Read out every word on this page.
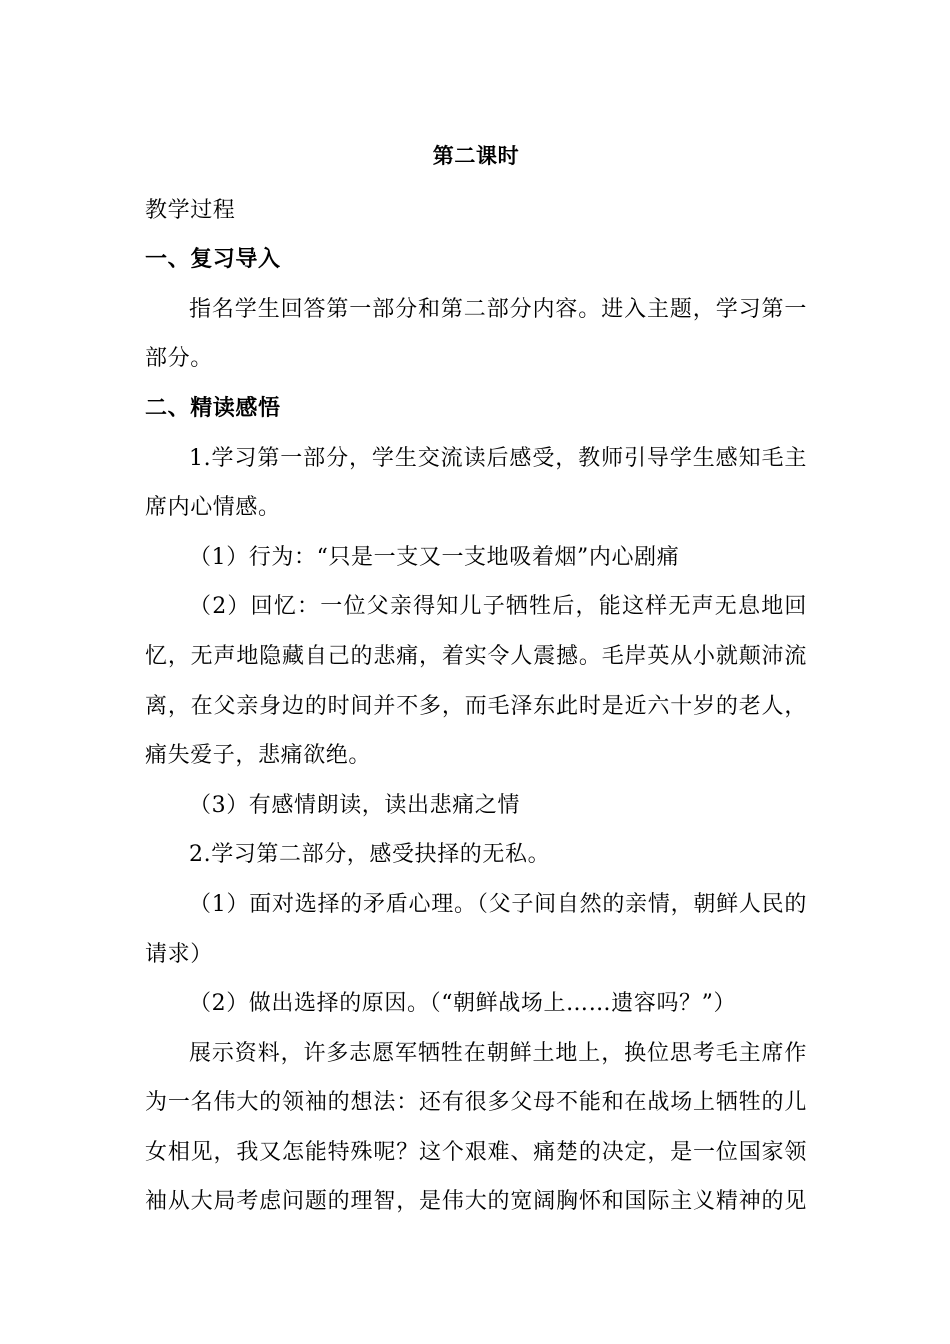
第二课时
教学过程
一、复习导入
指名学生回答第一部分和第二部分内容。进入主题，学习第一
部分。
二、精读感悟
1.学习第一部分，学生交流读后感受，教师引导学生感知毛主
席内心情感。
（1）行为：“只是一支又一支地吸着烟”内心剧痛
（2）回忆：一位父亲得知儿子牺牲后，能这样无声无息地回
忆，无声地隐藏自己的悲痛，着实令人震撼。毛岸英从小就颠沛流
离，在父亲身边的时间并不多，而毛泽东此时是近六十岁的老人，
痛失爱子，悲痛欲绝。
（3）有感情朗读，读出悲痛之情
2.学习第二部分，感受抉择的无私。
（1）面对选择的矛盾心理。（父子间自然的亲情，朝鲜人民的
请求）
（2）做出选择的原因。（“朝鲜战场上……遗容吗？”）
展示资料，许多志愿军牺牲在朝鲜土地上，换位思考毛主席作
为一名伟大的领袖的想法：还有很多父母不能和在战场上牺牲的儿
女相见，我又怎能特殊呢？这个艰难、痛楚的决定，是一位国家领
袖从大局考虑问题的理智，是伟大的宽阔胸怀和国际主义精神的见
